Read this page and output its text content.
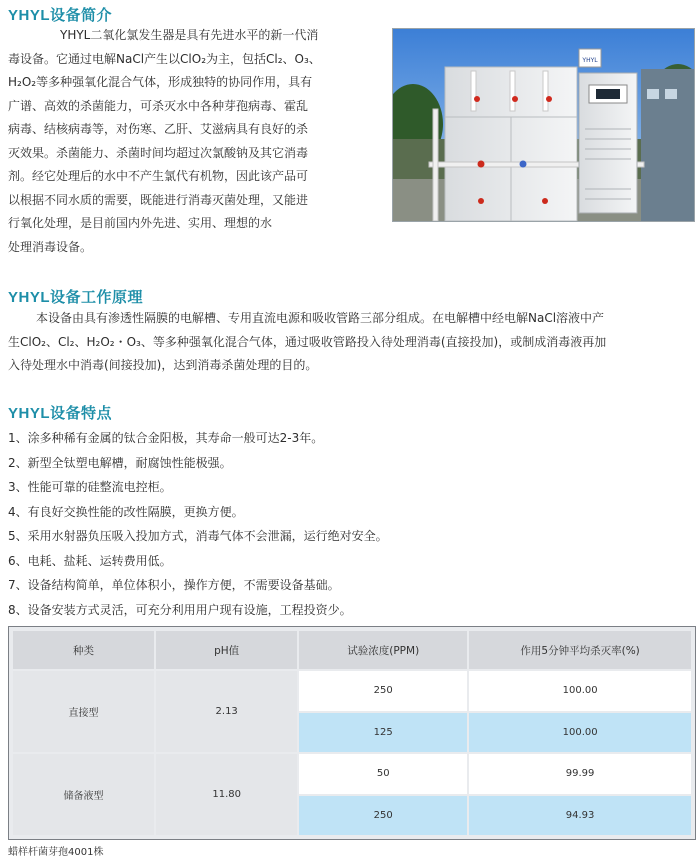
YHYL设备简介

YHYL二氧化氯发生器是具有先进水平的新一代消

毒设备。它通过电解NaCl产生以ClO₂为主，包括Cl₂、O₃、

H₂O₂等多种强氧化混合气体，形成独特的协同作用，具有

广谱、高效的杀菌能力，可杀灭水中各种芽孢病毒、霍乱

病毒、结核病毒等，对伤寒、乙肝、艾滋病具有良好的杀

灭效果。杀菌能力、杀菌时间均超过次氯酸钠及其它消毒

剂。经它处理后的水中不产生氯代有机物，因此该产品可

以根据不同水质的需要，既能进行消毒灭菌处理，又能进

行氧化处理，是目前国内外先进、实用、理想的水

处理消毒设备。

YHYL
YHYL设备工作原理

本设备由具有渗透性隔膜的电解槽、专用直流电源和吸收管路三部分组成。在电解槽中经电解NaCl溶液中产

生ClO₂、Cl₂、H₂O₂・O₃、等多种强氧化混合气体，通过吸收管路投入待处理消毒(直接投加)，或制成消毒液再加

入待处理水中消毒(间接投加)，达到消毒杀菌处理的目的。

YHYL设备特点

1、涂多种稀有金属的钛合金阳极，其寿命一般可达2-3年。

2、新型全钛塑电解槽，耐腐蚀性能极强。

3、性能可靠的硅整流电控柜。

4、有良好交换性能的改性隔膜，更换方便。

5、采用水射器负压吸入投加方式，消毒气体不会泄漏，运行绝对安全。

6、电耗、盐耗、运转费用低。

7、设备结构简单，单位体积小，操作方便，不需要设备基础。

8、设备安装方式灵活，可充分利用用户现有设施，工程投资少。

种类	pH值	试验浓度(PPM)	作用5分钟平均杀灭率(%)
直接型	2.13	250	100.00
		125	100.00
储备液型	11.80	50	99.99
		250	94.93
蜡样杆菌芽孢4001株
